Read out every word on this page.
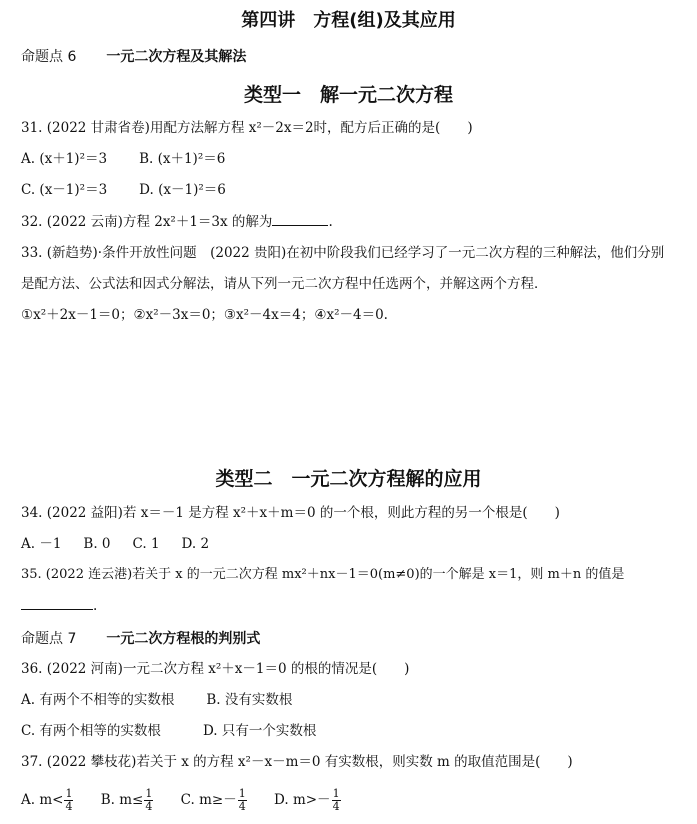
第四讲　方程(组)及其应用
命题点 6 一元二次方程及其解法
类型一　解一元二次方程
31. (2022 甘肃省卷)用配方法解方程 x²－2x＝2时，配方后正确的是(　　)
A. (x＋1)²＝3 B. (x＋1)²＝6
C. (x－1)²＝3 D. (x－1)²＝6
32. (2022 云南)方程 2x²＋1＝3x 的解为	.
33. (新趋势)·条件开放性问题　(2022 贵阳)在初中阶段我们已经学习了一元二次方程的三种解法，他们分别
是配方法、公式法和因式分解法，请从下列一元二次方程中任选两个，并解这两个方程．
①x²＋2x－1＝0；②x²－3x＝0；③x²－4x＝4；④x²－4＝0.
类型二　一元二次方程解的应用
34. (2022 益阳)若 x＝－1 是方程 x²＋x＋m＝0 的一个根，则此方程的另一个根是(　　)
A. －1 B. 0 C. 1 D. 2
35. (2022 连云港)若关于 x 的一元二次方程 mx²＋nx－1＝0(m≠0)的一个解是 x＝1，则 m＋n 的值是
.
命题点 7 一元二次方程根的判别式
36. (2022 河南)一元二次方程 x²＋x－1＝0 的根的情况是(　　)
A. 有两个不相等的实数根 B. 没有实数根
C. 有两个相等的实数根	D. 只有一个实数根
37. (2022 攀枝花)若关于 x 的方程 x²－x－m＝0 有实数根，则实数 m 的取值范围是(　　)
A. $m< \frac{1}{4} B$. $m\le \frac{1}{4} C$. $m\ge- \frac{1}{4} D$. $m>- \frac{1}{4}$
